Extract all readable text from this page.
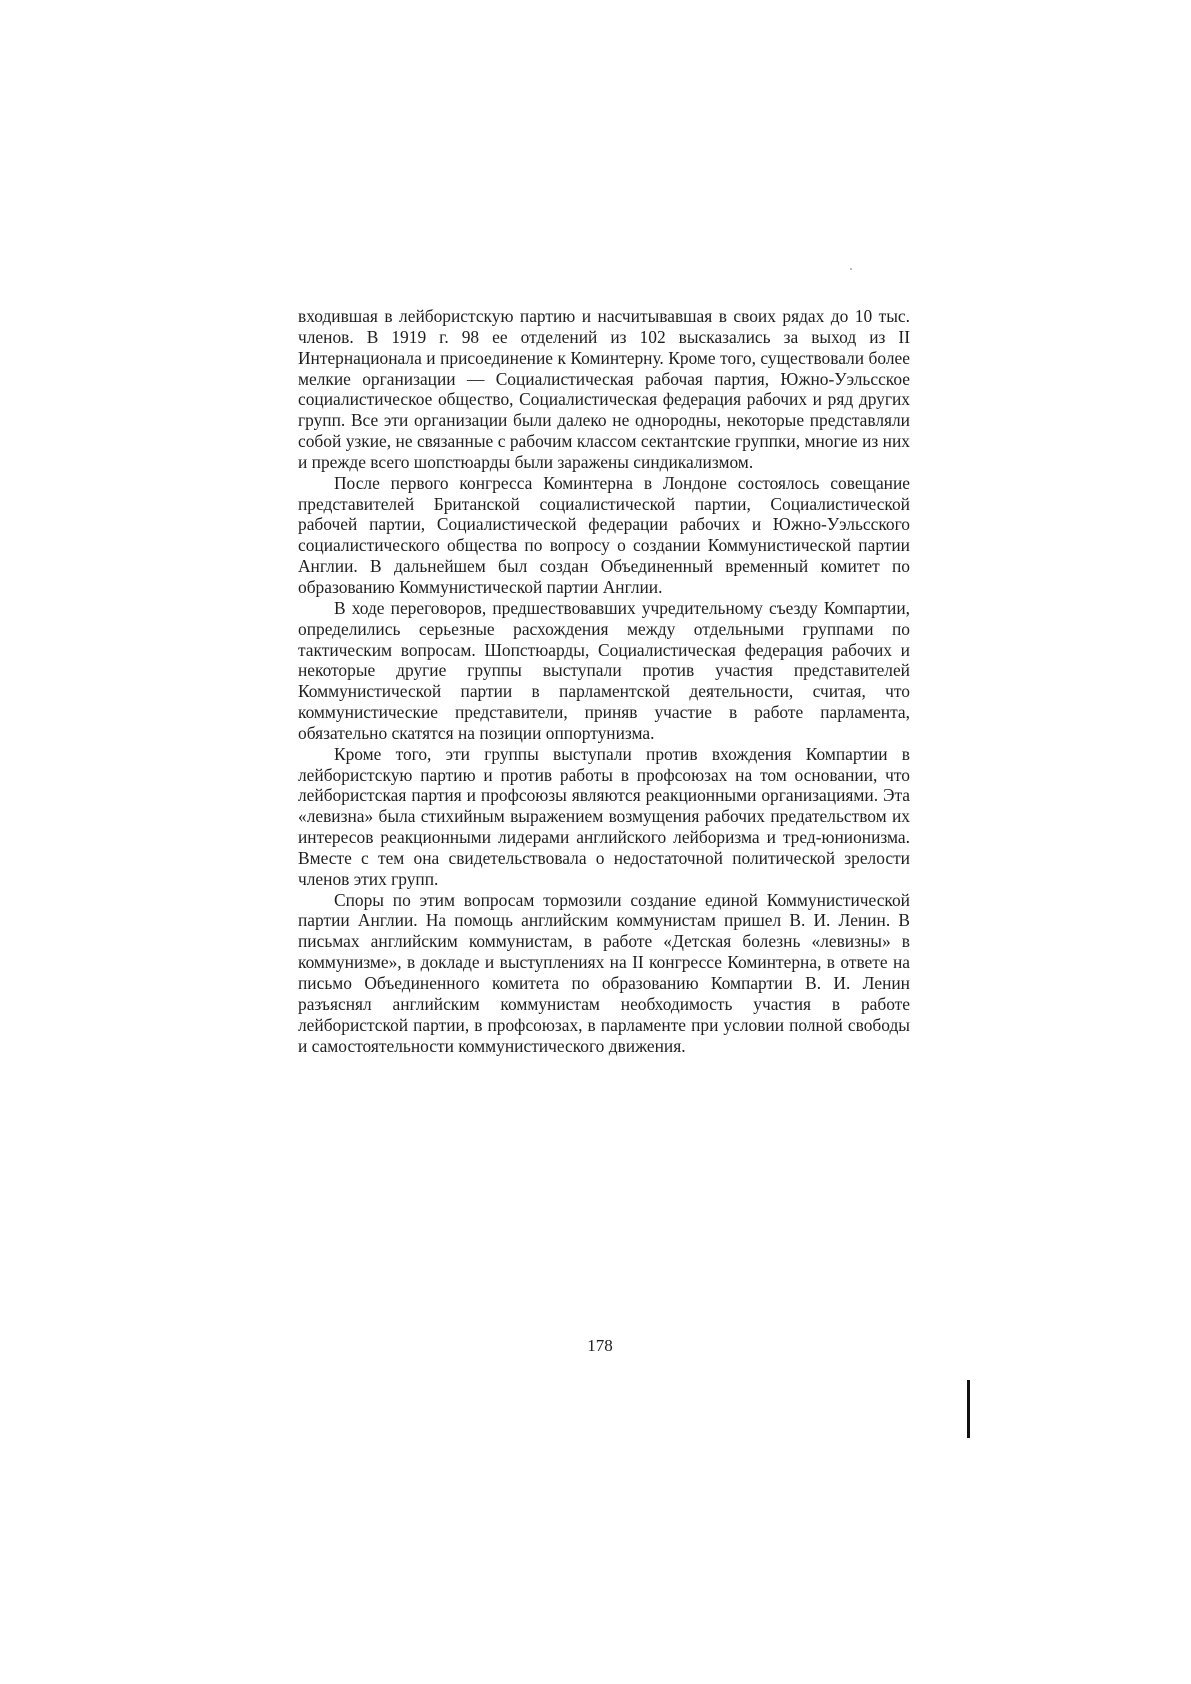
входившая в лейбористскую партию и насчитывавшая в своих рядах до 10 тыс. членов. В 1919 г. 98 ее отделений из 102 высказались за выход из II Интернационала и присоединение к Коминтерну. Кроме того, существовали более мелкие организации — Социалистическая рабочая партия, Южно-Уэльсское социалистическое общество, Социалистическая федерация рабочих и ряд других групп. Все эти организации были далеко не однородны, некоторые представляли собой узкие, не связанные с рабочим классом сектантские группки, многие из них и прежде всего шопстюарды были заражены синдикализмом.

После первого конгресса Коминтерна в Лондоне состоялось совещание представителей Британской социалистической партии, Социалистической рабочей партии, Социалистической федерации рабочих и Южно-Уэльсского социалистического общества по вопросу о создании Коммунистической партии Англии. В дальнейшем был создан Объединенный временный комитет по образованию Коммунистической партии Англии.

В ходе переговоров, предшествовавших учредительному съезду Компартии, определились серьезные расхождения между отдельными группами по тактическим вопросам. Шопстюарды, Социалистическая федерация рабочих и некоторые другие группы выступали против участия представителей Коммунистической партии в парламентской деятельности, считая, что коммунистические представители, приняв участие в работе парламента, обязательно скатятся на позиции оппортунизма.

Кроме того, эти группы выступали против вхождения Компартии в лейбористскую партию и против работы в профсоюзах на том основании, что лейбористская партия и профсоюзы являются реакционными организациями. Эта «левизна» была стихийным выражением возмущения рабочих предательством их интересов реакционными лидерами английского лейборизма и тред-юнионизма. Вместе с тем она свидетельствовала о недостаточной политической зрелости членов этих групп.

Споры по этим вопросам тормозили создание единой Коммунистической партии Англии. На помощь английским коммунистам пришел В. И. Ленин. В письмах английским коммунистам, в работе «Детская болезнь «левизны» в коммунизме», в докладе и выступлениях на II конгрессе Коминтерна, в ответе на письмо Объединенного комитета по образованию Компартии В. И. Ленин разъяснял английским коммунистам необходимость участия в работе лейбористской партии, в профсоюзах, в парламенте при условии полной свободы и самостоятельности коммунистического движения.

178
